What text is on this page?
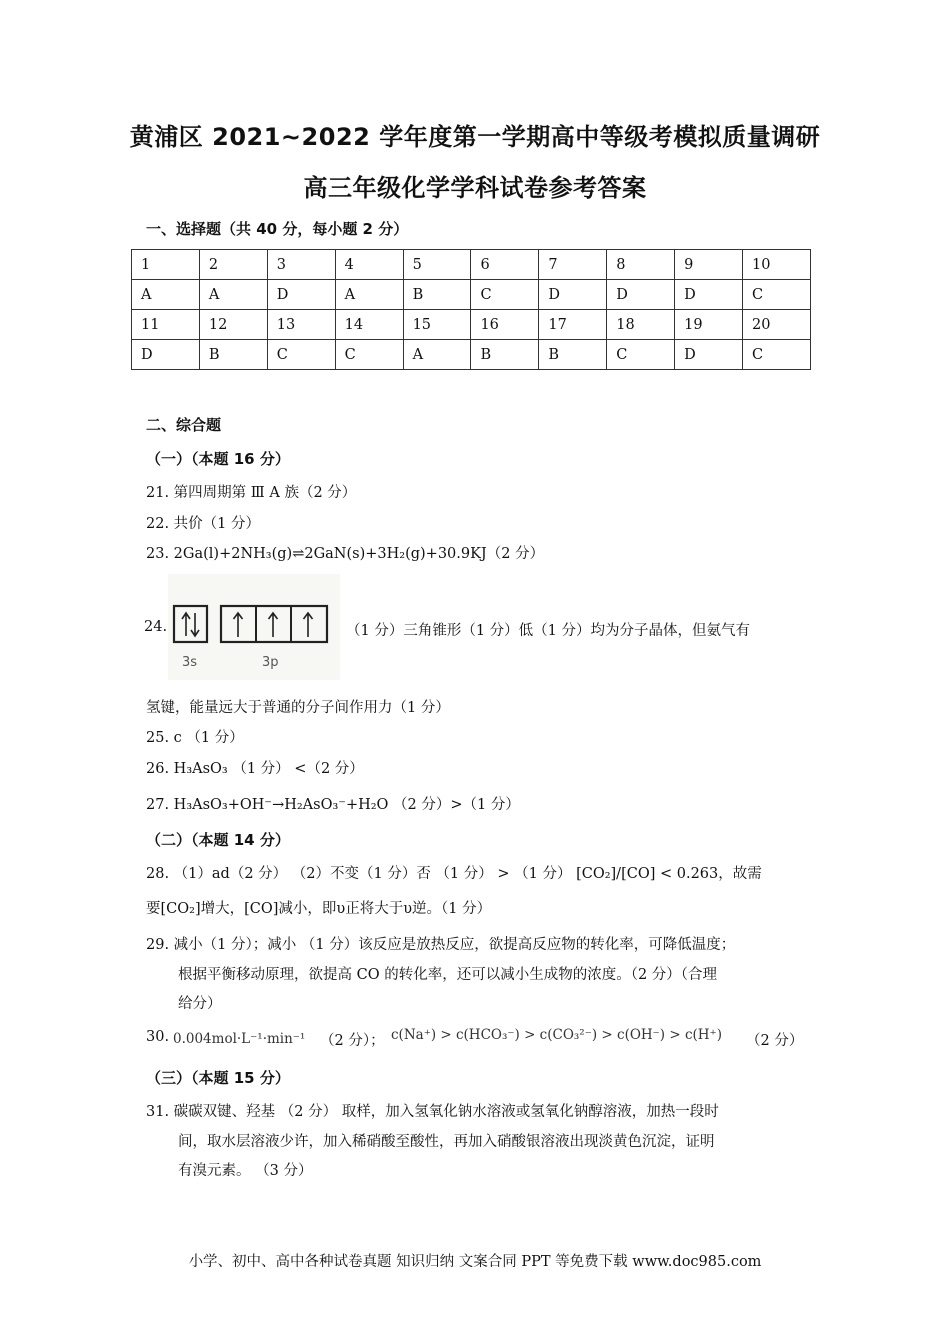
黄浦区 2021~2022 学年度第一学期高中等级考模拟质量调研
高三年级化学学科试卷参考答案
一、选择题（共 40 分，每小题 2 分）
1	2	3	4	5	6	7	8	9	10
A	A	D	A	B	C	D	D	D	C
11	12	13	14	15	16	17	18	19	20
D	B	C	C	A	B	B	C	D	C
二、综合题
（一）（本题 16 分）
21. 第四周期第 Ⅲ A 族（2 分）
22. 共价（1 分）
23. 2Ga(l)+2NH₃(g)⇌2GaN(s)+3H₂(g)+30.9KJ（2 分）
24.
3s	3p
（1 分）三角锥形（1 分）低（1 分）均为分子晶体，但氨气有
氢键，能量远大于普通的分子间作用力（1 分）
25. c （1 分）
26. H₃AsO₃ （1 分） <（2 分）
27. H₃AsO₃+OH⁻→H₂AsO₃⁻+H₂O （2 分）>（1 分）
（二）（本题 14 分）
28. （1）ad（2 分） （2）不变（1 分）否 （1 分） > （1 分） [CO₂]/[CO] < 0.263，故需
要[CO₂]增大，[CO]减小，即υ正将大于υ逆。（1 分）
29. 减小（1 分）；减小 （1 分）该反应是放热反应，欲提高反应物的转化率，可降低温度；
根据平衡移动原理，欲提高 CO 的转化率，还可以减小生成物的浓度。（2 分）（合理
给分）
30. 0.004mol·L⁻¹·min⁻¹ （2 分）； c(Na⁺) > c(HCO₃⁻) > c(CO₃²⁻) > c(OH⁻) > c(H⁺) （2 分）
（三）（本题 15 分）
31. 碳碳双键、羟基 （2 分） 取样，加入氢氧化钠水溶液或氢氧化钠醇溶液，加热一段时
间，取水层溶液少许，加入稀硝酸至酸性，再加入硝酸银溶液出现淡黄色沉淀，证明
有溴元素。 （3 分）
小学、初中、高中各种试卷真题 知识归纳 文案合同 PPT 等免费下载 www.doc985.com
